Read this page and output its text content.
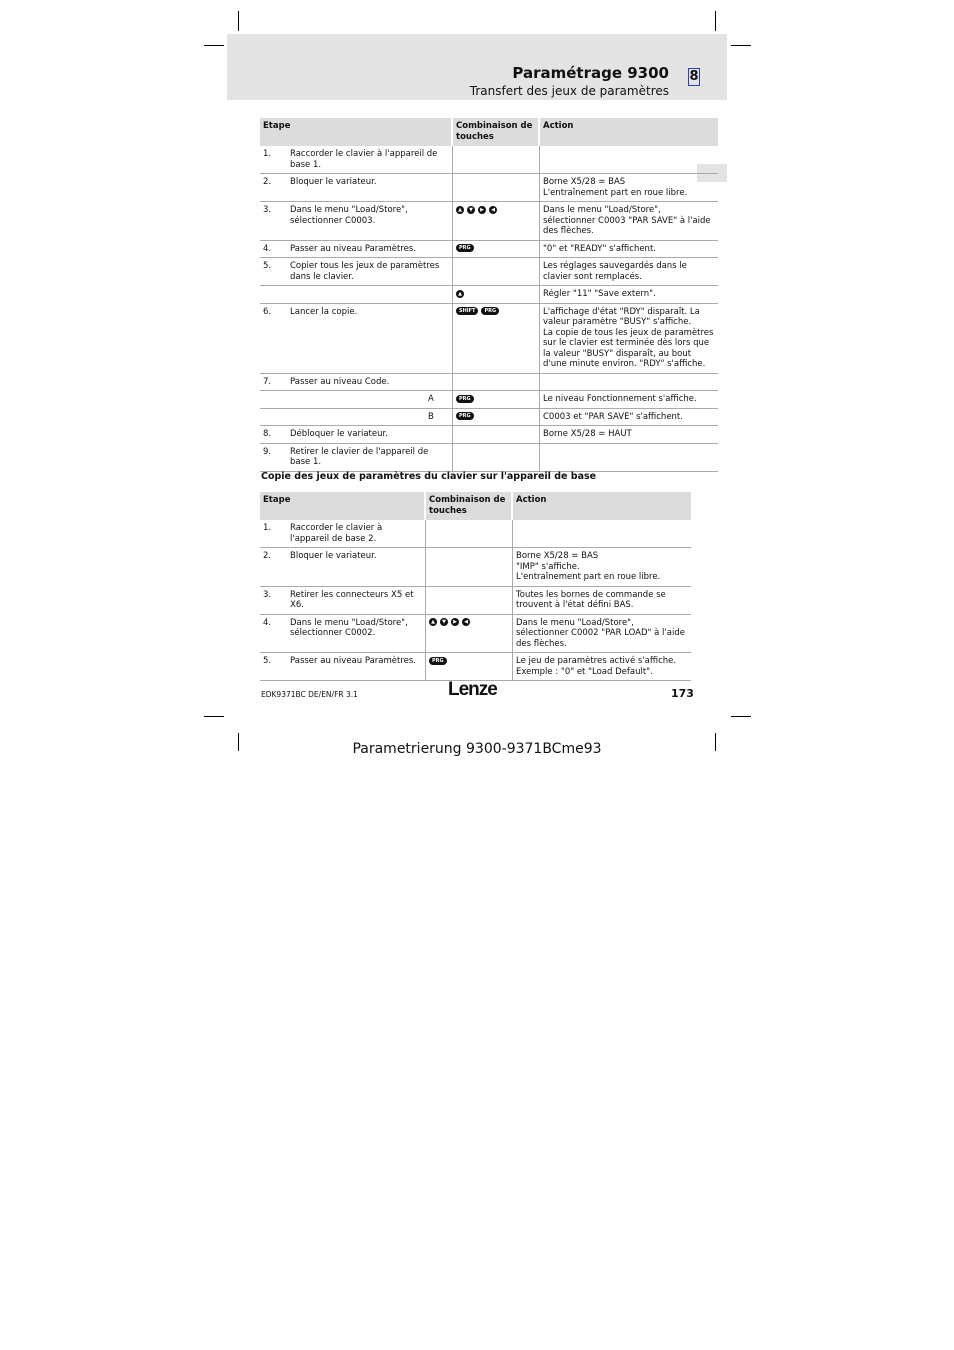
Paramétrage 9300 8
Transfert des jeux de paramètres
Etape			Combinaison de touches	Action
1.	Raccorder le clavier à l'appareil de base 1.			
2.	Bloquer le variateur.			Borne X5/28 = BAS
L'entraînement part en roue libre.
3.	Dans le menu "Load/Store", sélectionner C0003.		▲ ▼ ▶ ◀	Dans le menu "Load/Store", sélectionner C0003 "PAR SAVE" à l'aide des flèches.
4.	Passer au niveau Paramètres.		PRG	"0" et "READY" s'affichent.
5.	Copier tous les jeux de paramètres dans le clavier.			Les réglages sauvegardés dans le clavier sont remplacés.
			▲	Régler "11" "Save extern".
6.	Lancer la copie.		SHIFT PRG	L'affichage d'état "RDY" disparaît. La valeur paramètre "BUSY" s'affiche.
La copie de tous les jeux de paramètres sur le clavier est terminée dès lors que la valeur "BUSY" disparaît, au bout d'une minute environ. "RDY" s'affiche.
7.	Passer au niveau Code.			
		A	PRG	Le niveau Fonctionnement s'affiche.
		B	PRG	C0003 et "PAR SAVE" s'affichent.
8.	Débloquer le variateur.			Borne X5/28 = HAUT
9.	Retirer le clavier de l'appareil de base 1.			
Copie des jeux de paramètres du clavier sur l'appareil de base
Etape		Combinaison de touches	Action
1.	Raccorder le clavier à l'appareil de base 2.		
2.	Bloquer le variateur.		Borne X5/28 = BAS
"IMP" s'affiche.
L'entraînement part en roue libre.
3.	Retirer les connecteurs X5 et X6.		Toutes les bornes de commande se trouvent à l'état défini BAS.
4.	Dans le menu "Load/Store", sélectionner C0002.	▲ ▼ ▶ ◀	Dans le menu "Load/Store", sélectionner C0002 "PAR LOAD" à l'aide des flèches.
5.	Passer au niveau Paramètres.	PRG	Le jeu de paramètres activé s'affiche.
Exemple : "0" et "Load Default".
EDK9371BC DE/EN/FR 3.1	Lenze	173
Parametrierung 9300-9371BCme93
